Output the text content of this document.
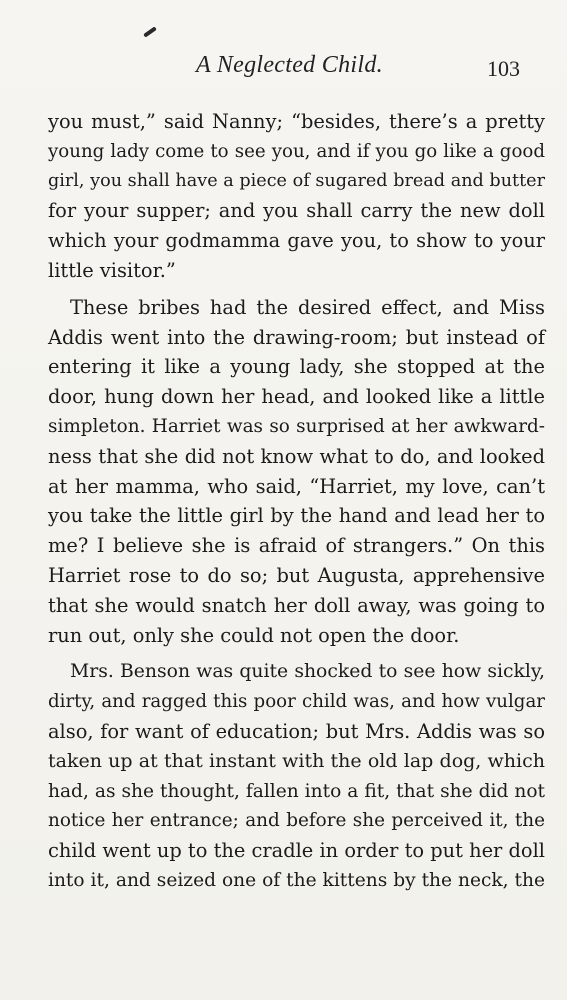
A Neglected Child.	103
you must,” said Nanny; “besides, there’s a pretty
young lady come to see you, and if you go like a good
girl, you shall have a piece of sugared bread and butter
for your supper; and you shall carry the new doll
which your godmamma gave you, to show to your
little visitor.”
These bribes had the desired effect, and Miss
Addis went into the drawing-room; but instead of
entering it like a young lady, she stopped at the
door, hung down her head, and looked like a little
simpleton. Harriet was so surprised at her awkward-
ness that she did not know what to do, and looked
at her mamma, who said, “Harriet, my love, can’t
you take the little girl by the hand and lead her to
me? I believe she is afraid of strangers.” On this
Harriet rose to do so; but Augusta, apprehensive
that she would snatch her doll away, was going to
run out, only she could not open the door.
Mrs. Benson was quite shocked to see how sickly,
dirty, and ragged this poor child was, and how vulgar
also, for want of education; but Mrs. Addis was so
taken up at that instant with the old lap dog, which
had, as she thought, fallen into a fit, that she did not
notice her entrance; and before she perceived it, the
child went up to the cradle in order to put her doll
into it, and seized one of the kittens by the neck, the
